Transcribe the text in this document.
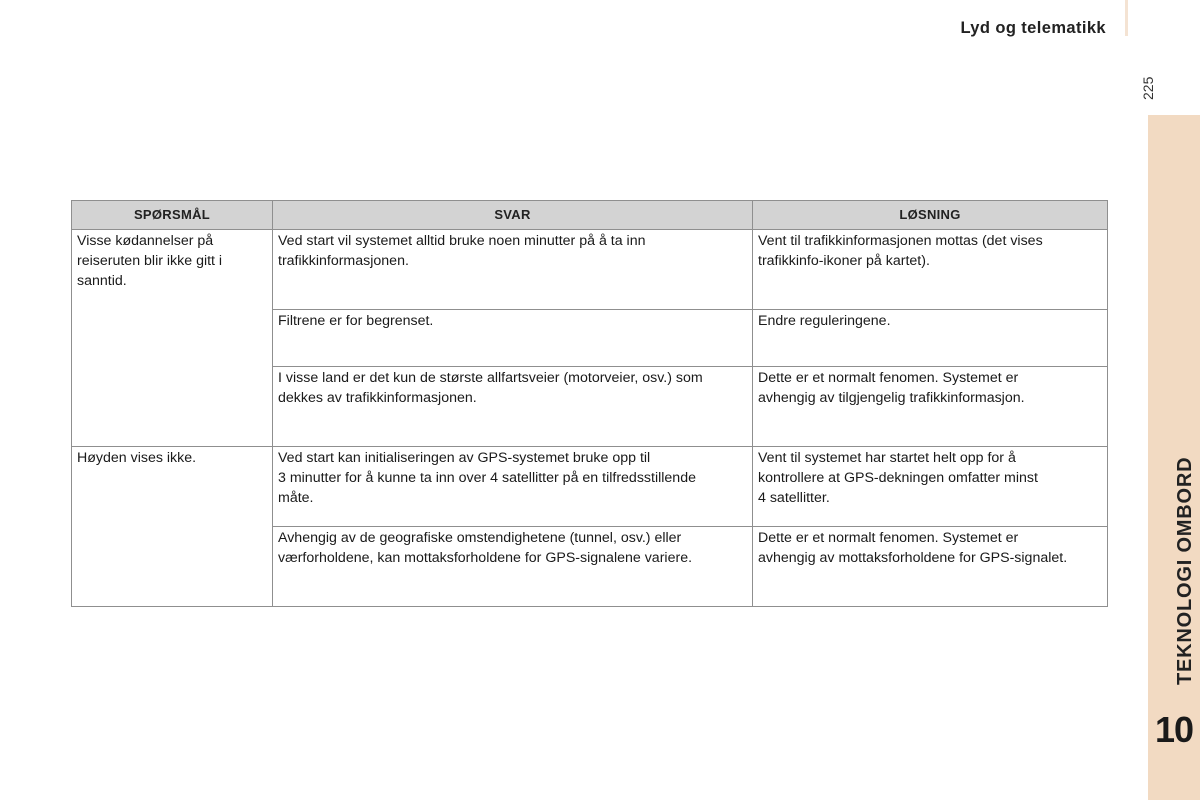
Lyd og telematikk
225
TEKNOLOGI OMBORD
10
SPØRSMÅL	SVAR	LØSNING

Visse kødannelser på
reiseruten blir ikke gitt i
sanntid.	Ved start vil systemet alltid bruke noen minutter på å ta inn
trafikkinformasjonen.	Vent til trafikkinformasjonen mottas (det vises
trafikkinfo-ikoner på kartet).

	Filtrene er for begrenset.	Endre reguleringene.

	I visse land er det kun de største allfartsveier (motorveier, osv.) som
dekkes av trafikkinformasjonen.	Dette er et normalt fenomen. Systemet er
avhengig av tilgjengelig trafikkinformasjon.

Høyden vises ikke.	Ved start kan initialiseringen av GPS-systemet bruke opp til
3 minutter for å kunne ta inn over 4 satellitter på en tilfredsstillende
måte.	Vent til systemet har startet helt opp for å
kontrollere at GPS-dekningen omfatter minst
4 satellitter.

	Avhengig av de geografiske omstendighetene (tunnel, osv.) eller
værforholdene, kan mottaksforholdene for GPS-signalene variere.	Dette er et normalt fenomen. Systemet er
avhengig av mottaksforholdene for GPS-signalet.
